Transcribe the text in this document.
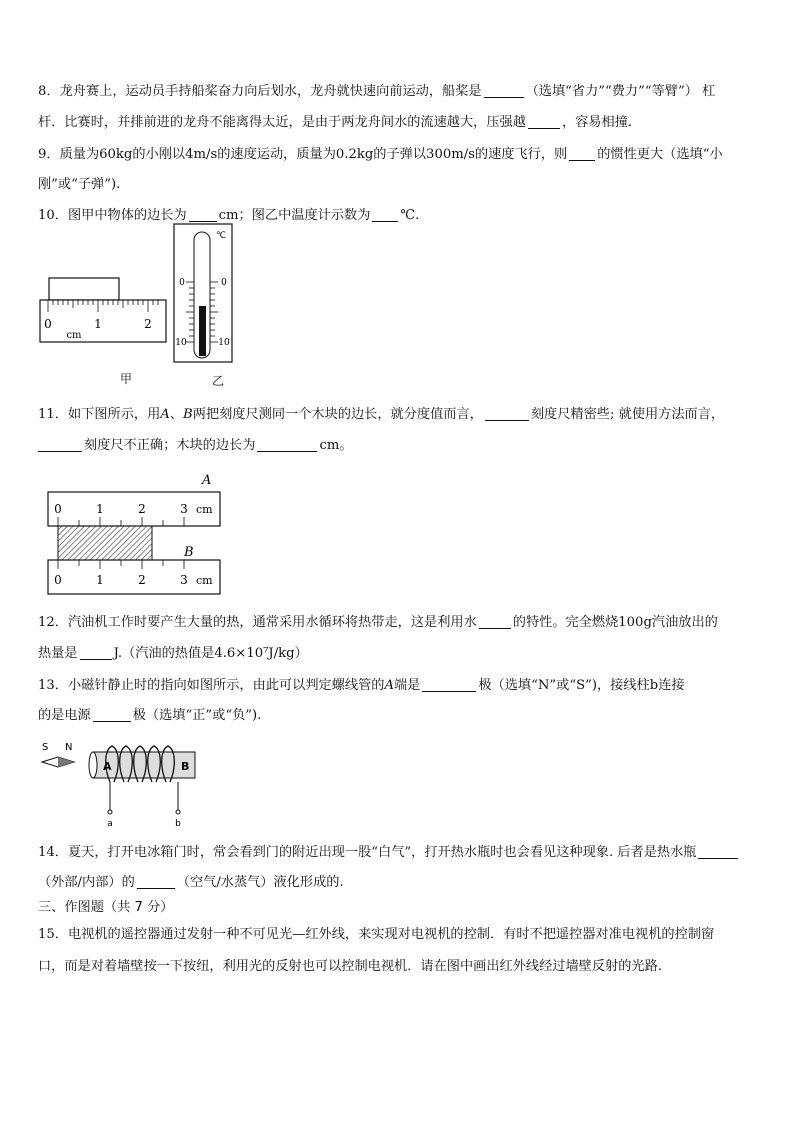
8．龙舟赛上，运动员手持船桨奋力向后划水，龙舟就快速向前运动，船桨是	（选填“省力”“费力”“等臂”） 杠
杆．比赛时，并排前进的龙舟不能离得太近，是由于两龙舟间水的流速越大，压强越	，容易相撞.
9．质量为60kg的小刚以4m/s的速度运动，质量为0.2kg的子弹以300m/s的速度飞行，则 的惯性更大（选填“小
刚”或“子弹”).
10．图甲中物体的边长为 cm；图乙中温度计示数为 ℃.
0	1	2
cm
甲
℃
0
10
0
10
乙
11．如下图所示，用A、B两把刻度尺测同一个木块的边长，就分度值而言，	刻度尺精密些; 就使用方法而言，
刻度尺不正确；木块的边长为	cm。
A
0	1	2	3 cm
B
0	1	2	3 cm
12．汽油机工作时要产生大量的热，通常采用水循环将热带走，这是利用水	的特性。完全燃烧100g汽油放出的
热量是	J.（汽油的热值是4.6×10⁷J/kg）
13．小磁针静止时的指向如图所示，由此可以判定螺线管的A端是	极（选填“N”或“S”)，接线柱b连接
的是电源	极（选填“正”或“负”).
S N
A	B
a	b
14．夏天，打开电冰箱门时，常会看到门的附近出现一股“白气”，打开热水瓶时也会看见这种现象. 后者是热水瓶
（外部/内部）的	（空气/水蒸气）液化形成的.
三、作图题（共 7 分）
15．电视机的遥控器通过发射一种不可见光—红外线，来实现对电视机的控制．有时不把遥控器对准电视机的控制窗
口，而是对着墙壁按一下按纽，利用光的反射也可以控制电视机．请在图中画出红外线经过墙壁反射的光路.
